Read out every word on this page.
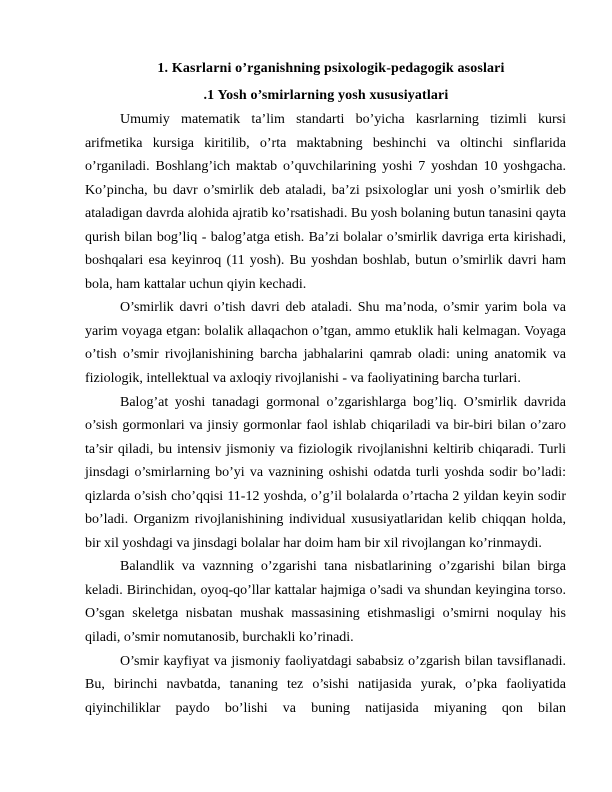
1. Kasrlarni o’rganishning psixologik-pedagogik asoslari
.1 Yosh o’smirlarning yosh xususiyatlari

Umumiy matematik ta’lim standarti bo’yicha kasrlarning tizimli kursi arifmetika kursiga kiritilib, o’rta maktabning beshinchi va oltinchi sinflarida o’rganiladi. Boshlang’ich maktab o’quvchilarining yoshi 7 yoshdan 10 yoshgacha. Ko’pincha, bu davr o’smirlik deb ataladi, ba’zi psixologlar uni yosh o’smirlik deb ataladigan davrda alohida ajratib ko’rsatishadi. Bu yosh bolaning butun tanasini qayta qurish bilan bog’liq - balog’atga etish. Ba’zi bolalar o’smirlik davriga erta kirishadi, boshqalari esa keyinroq (11 yosh). Bu yoshdan boshlab, butun o’smirlik davri ham bola, ham kattalar uchun qiyin kechadi.

O’smirlik davri o’tish davri deb ataladi. Shu ma’noda, o’smir yarim bola va yarim voyaga etgan: bolalik allaqachon o’tgan, ammo etuklik hali kelmagan. Voyaga o’tish o’smir rivojlanishining barcha jabhalarini qamrab oladi: uning anatomik va fiziologik, intellektual va axloqiy rivojlanishi - va faoliyatining barcha turlari.

Balog’at yoshi tanadagi gormonal o’zgarishlarga bog’liq. O’smirlik davrida o’sish gormonlari va jinsiy gormonlar faol ishlab chiqariladi va bir-biri bilan o’zaro ta’sir qiladi, bu intensiv jismoniy va fiziologik rivojlanishni keltirib chiqaradi. Turli jinsdagi o’smirlarning bo’yi va vaznining oshishi odatda turli yoshda sodir bo’ladi: qizlarda o’sish cho’qqisi 11-12 yoshda, o’g’il bolalarda o’rtacha 2 yildan keyin sodir bo’ladi. Organizm rivojlanishining individual xususiyatlaridan kelib chiqqan holda, bir xil yoshdagi va jinsdagi bolalar har doim ham bir xil rivojlangan ko’rinmaydi.

Balandlik va vaznning o’zgarishi tana nisbatlarining o’zgarishi bilan birga keladi. Birinchidan, oyoq-qo’llar kattalar hajmiga o’sadi va shundan keyingina torso. O’sgan skeletga nisbatan mushak massasining etishmasligi o’smirni noqulay his qiladi, o’smir nomutanosib, burchakli ko’rinadi.

O’smir kayfiyat va jismoniy faoliyatdagi sababsiz o’zgarish bilan tavsiflanadi. Bu, birinchi navbatda, tananing tez o’sishi natijasida yurak, o’pka faoliyatida qiyinchiliklar paydo bo’lishi va buning natijasida miyaning qon bilan
